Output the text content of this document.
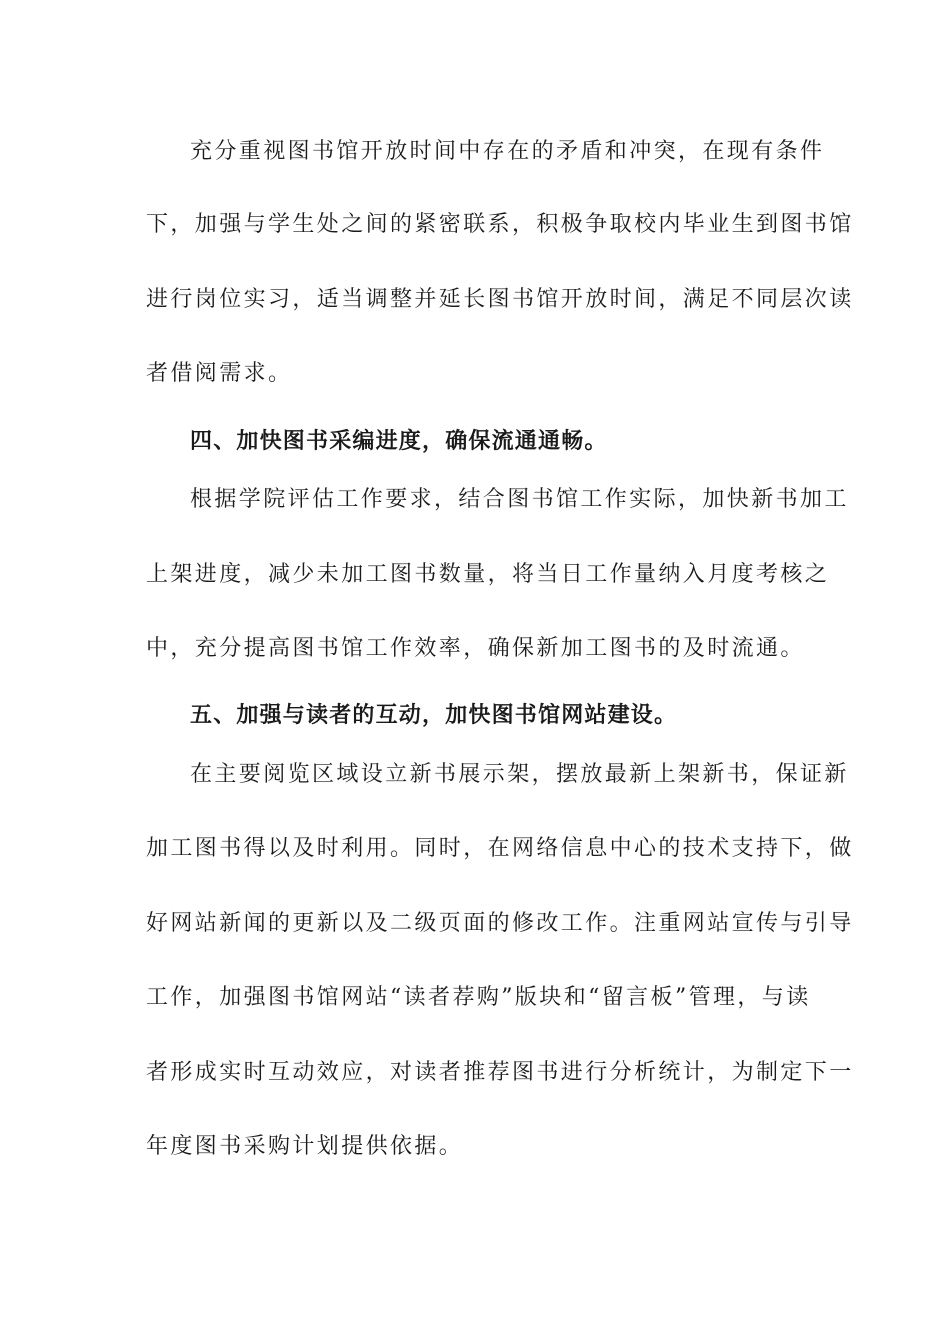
充分重视图书馆开放时间中存在的矛盾和冲突，在现有条件
下，加强与学生处之间的紧密联系，积极争取校内毕业生到图书馆
进行岗位实习，适当调整并延长图书馆开放时间，满足不同层次读
者借阅需求。
四、加快图书采编进度，确保流通通畅。
根据学院评估工作要求，结合图书馆工作实际，加快新书加工
上架进度，减少未加工图书数量，将当日工作量纳入月度考核之
中，充分提高图书馆工作效率，确保新加工图书的及时流通。
五、加强与读者的互动，加快图书馆网站建设。
在主要阅览区域设立新书展示架，摆放最新上架新书，保证新
加工图书得以及时利用。同时，在网络信息中心的技术支持下，做
好网站新闻的更新以及二级页面的修改工作。注重网站宣传与引导
工作，加强图书馆网站“读者荐购”版块和“留言板”管理，与读
者形成实时互动效应，对读者推荐图书进行分析统计，为制定下一
年度图书采购计划提供依据。
